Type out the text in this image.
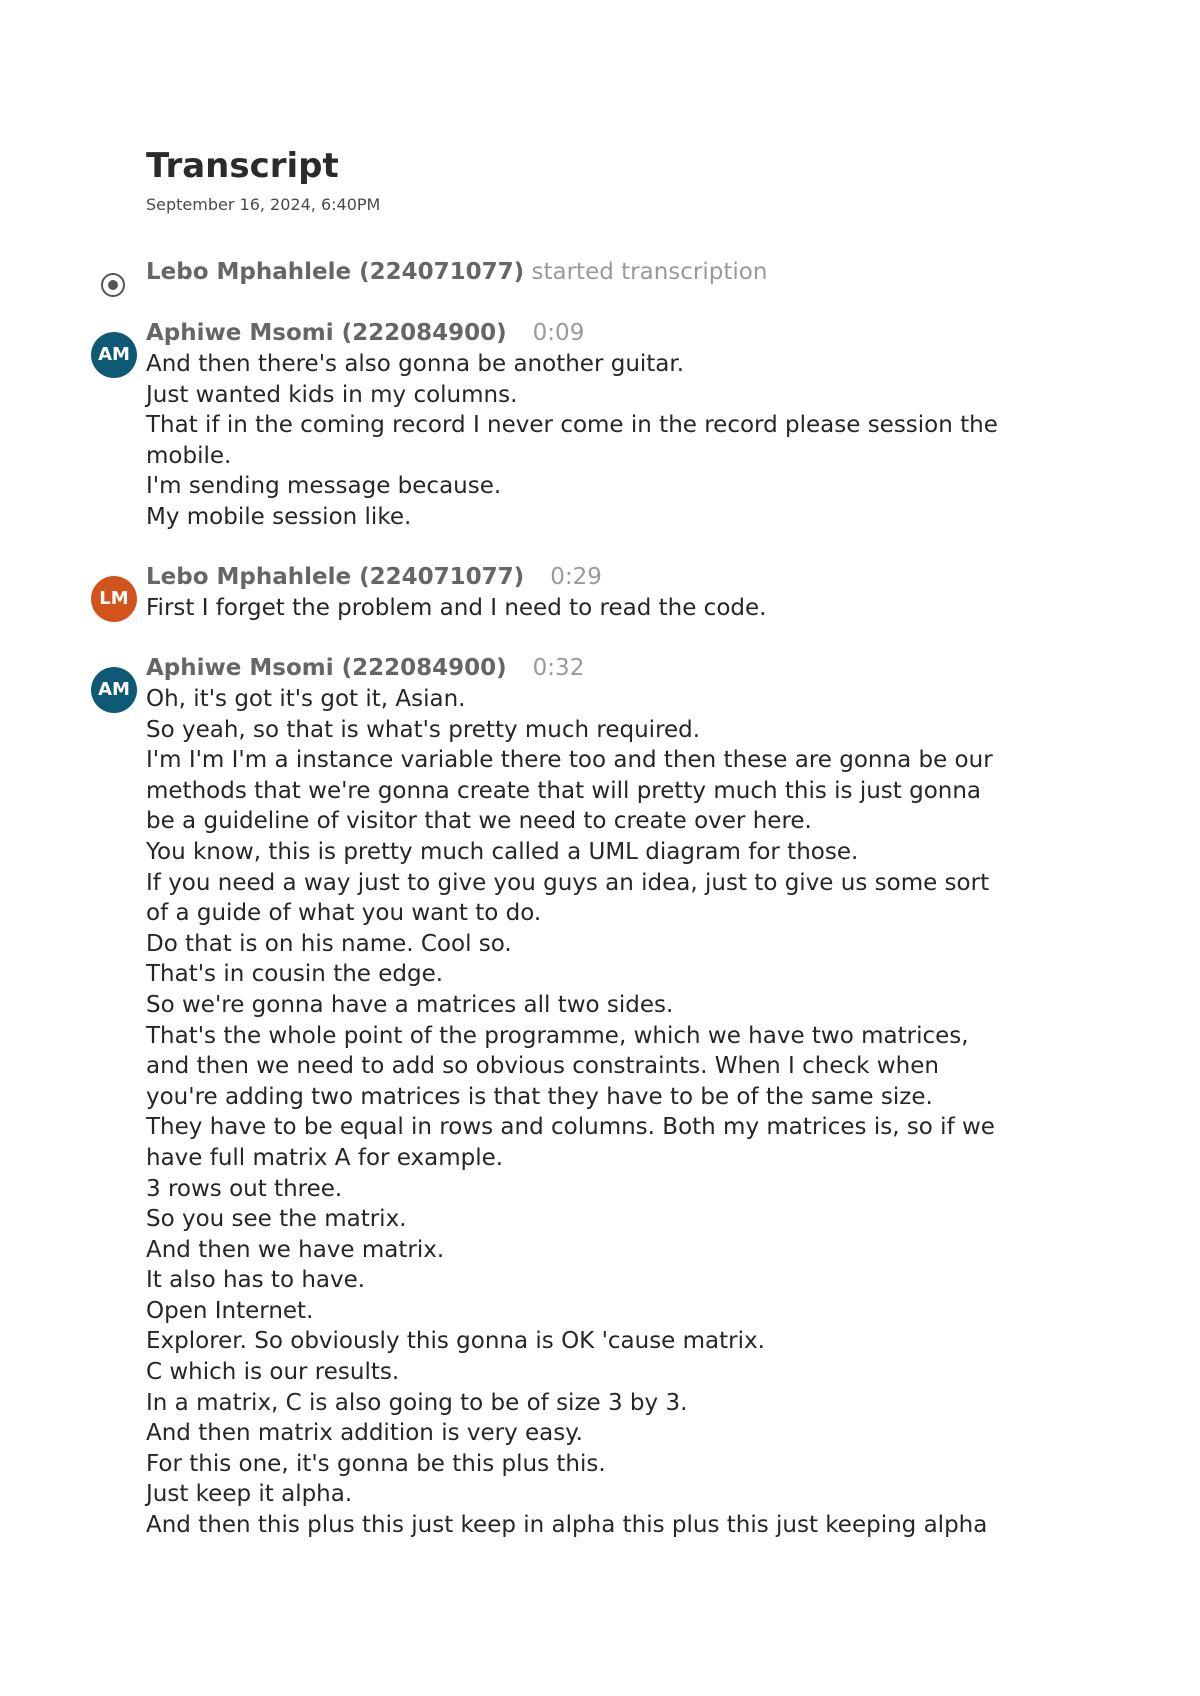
Transcript
September 16, 2024, 6:40PM
Lebo Mphahlele (224071077) started transcription
AM
Aphiwe Msomi (222084900) 0:09
And then there's also gonna be another guitar.
Just wanted kids in my columns.
That if in the coming record I never come in the record please session the
mobile.
I'm sending message because.
My mobile session like.
LM
Lebo Mphahlele (224071077) 0:29
First I forget the problem and I need to read the code.
AM
Aphiwe Msomi (222084900) 0:32
Oh, it's got it's got it, Asian.
So yeah, so that is what's pretty much required.
I'm I'm I'm a instance variable there too and then these are gonna be our
methods that we're gonna create that will pretty much this is just gonna
be a guideline of visitor that we need to create over here.
You know, this is pretty much called a UML diagram for those.
If you need a way just to give you guys an idea, just to give us some sort
of a guide of what you want to do.
Do that is on his name. Cool so.
That's in cousin the edge.
So we're gonna have a matrices all two sides.
That's the whole point of the programme, which we have two matrices,
and then we need to add so obvious constraints. When I check when
you're adding two matrices is that they have to be of the same size.
They have to be equal in rows and columns. Both my matrices is, so if we
have full matrix A for example.
3 rows out three.
So you see the matrix.
And then we have matrix.
It also has to have.
Open Internet.
Explorer. So obviously this gonna is OK 'cause matrix.
C which is our results.
In a matrix, C is also going to be of size 3 by 3.
And then matrix addition is very easy.
For this one, it's gonna be this plus this.
Just keep it alpha.
And then this plus this just keep in alpha this plus this just keeping alpha
